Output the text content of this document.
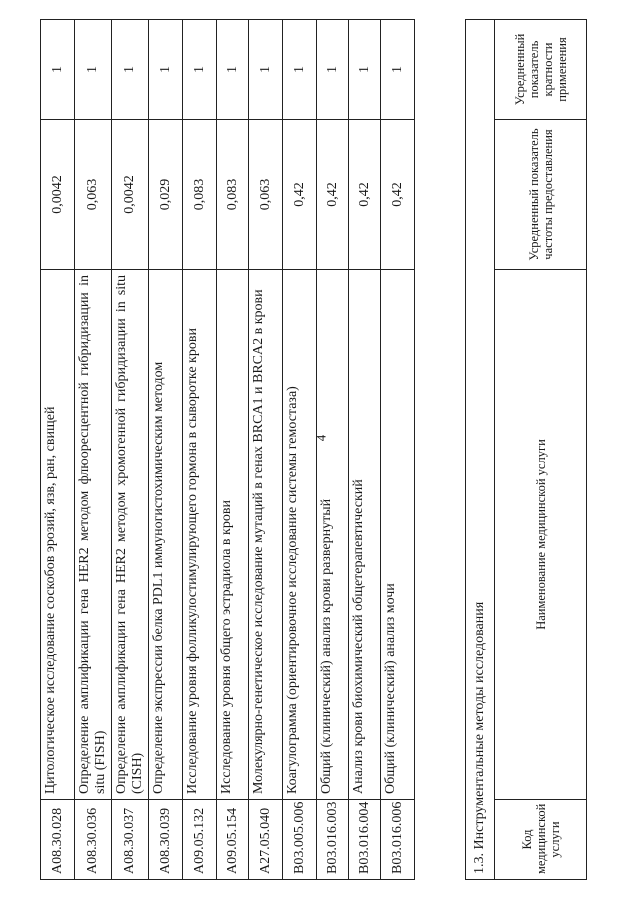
4
A08.30.028	Цитологическое исследование соскобов эрозий, язв, ран, свищей	0,0042	1
A08.30.036	Определение амплификации гена HER2 методом флюоресцентной гибридизации in situ (FISH)	0,063	1
A08.30.037	Определение амплификации гена HER2 методом хромогенной гибридизации in situ (CISH)	0,0042	1
A08.30.039	Определение экспрессии белка PDL1 иммуногистохимическим методом	0,029	1
A09.05.132	Исследование уровня фолликулостимулирующего гормона в сыворотке крови	0,083	1
A09.05.154	Исследование уровня общего эстрадиола в крови	0,083	1
A27.05.040	Молекулярно-генетическое исследование мутаций в генах BRCA1 и BRCA2 в крови	0,063	1
B03.005.006	Коагулограмма (ориентировочное исследование системы гемостаза)	0,42	1
B03.016.003	Общий (клинический) анализ крови развернутый	0,42	1
B03.016.004	Анализ крови биохимический общетерапевтический	0,42	1
B03.016.006	Общий (клинический) анализ мочи	0,42	1
1.3. Инструментальные методы исследования
Код медицинской услуги	Наименование медицинской услуги	Усредненный показатель частоты предоставления	Усредненный показатель кратности применения
